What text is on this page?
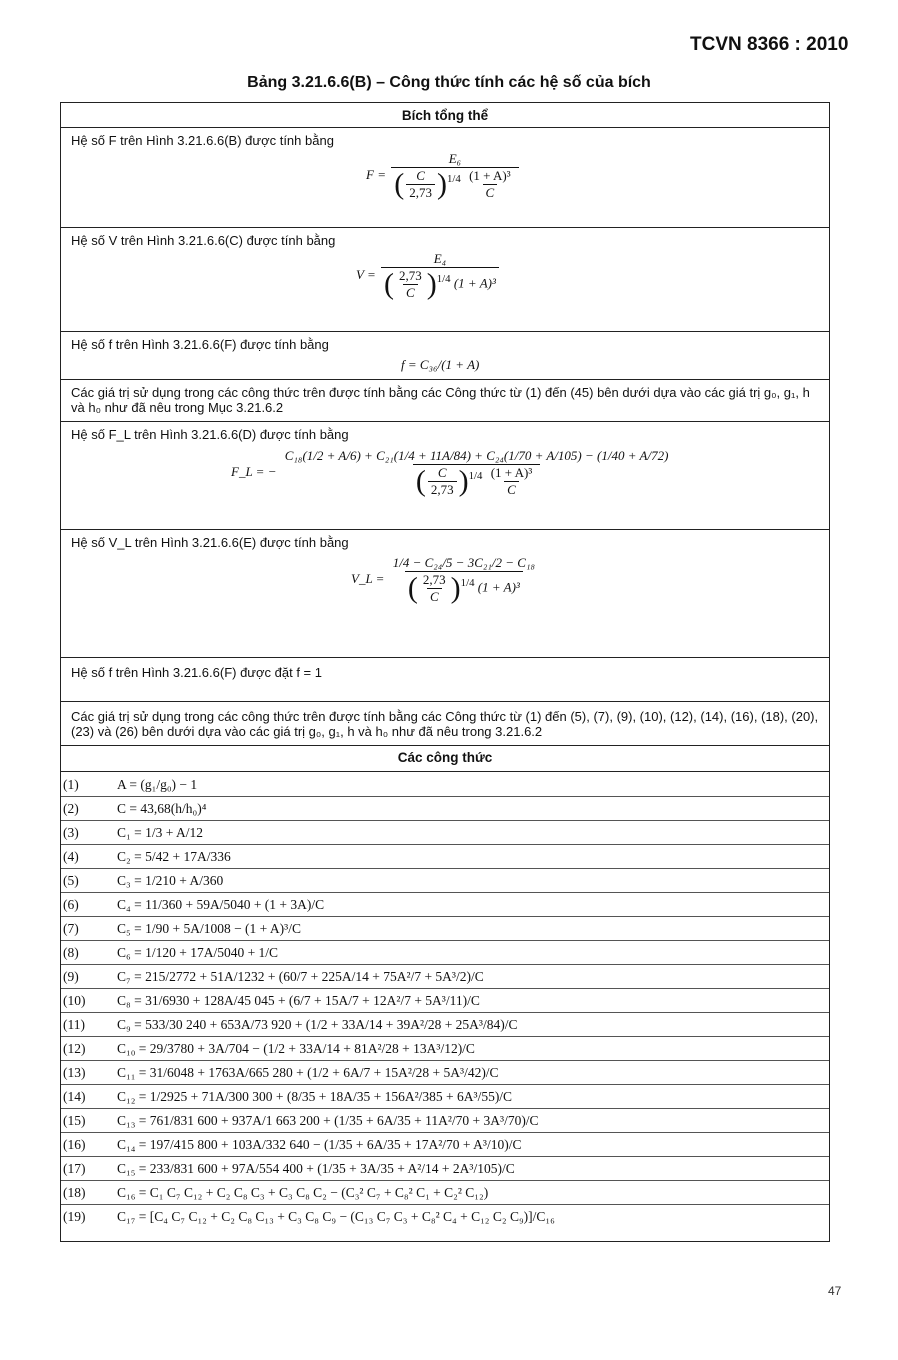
TCVN 8366 : 2010
Bảng 3.21.6.6(B) – Công thức tính các hệ số của bích
Bích tổng thể
Hệ số F trên Hình 3.21.6.6(B) được tính bằng
$F = \frac{\text{E₆}}{( \frac{C}{2,73} )^{1/4} \frac{\text{(1 + A)³}}{C}}$
Hệ số V trên Hình 3.21.6.6(C) được tính bằng
$V = \frac{\text{E₄}}{( \frac{2,73}{C} )^{1/4} (1 + A)^3}$
Hệ số f trên Hình 3.21.6.6(F) được tính bằng
f = C₃₆/(1 + A)
Các giá trị sử dụng trong các công thức trên được tính bằng các Công thức từ (1) đến (45) bên dưới dựa vào các giá trị g₀, g₁, h và h₀ như đã nêu trong Mục 3.21.6.2
Hệ số F_L trên Hình 3.21.6.6(D) được tính bằng
F_L = −
C₁₈(1/2 + A/6) + C₂₁(1/4 + 11A/84) + C₂₄(1/70 + A/105) − (1/40 + A/72)
( $\frac{C}{2,73} )^{1/4} \frac{\text{(1 + A)³}}{C}$
Hệ số V_L trên Hình 3.21.6.6(E) được tính bằng
V_L = $\frac{\text{1/4 − C₂₄/5 − 3C₂₁/2 − C₁₈}}{( \frac{2,73}{C} )^{1/4} (1 + A)^3}$
Hệ số f trên Hình 3.21.6.6(F) được đặt f = 1
Các giá trị sử dụng trong các công thức trên được tính bằng các Công thức từ (1) đến (5), (7), (9), (10), (12), (14), (16), (18), (20), (23) và (26) bên dưới dựa vào các giá trị g₀, g₁, h và h₀ như đã nêu trong 3.21.6.2
Các công thức
(1)	A = (g₁/g₀) − 1
(2)	C = 43,68(h/h₀)⁴
(3)	C₁ = 1/3 + A/12
(4)	C₂ = 5/42 + 17A/336
(5)	C₃ = 1/210 + A/360
(6)	C₄ = 11/360 + 59A/5040 + (1 + 3A)/C
(7)	C₅ = 1/90 + 5A/1008 − (1 + A)³/C
(8)	C₆ = 1/120 + 17A/5040 + 1/C
(9)	C₇ = 215/2772 + 51A/1232 + (60/7 + 225A/14 + 75A²/7 + 5A³/2)/C
(10) C₈ = 31/6930 + 128A/45 045 + (6/7 + 15A/7 + 12A²/7 + 5A³/11)/C
(11) C₉ = 533/30 240 + 653A/73 920 + (1/2 + 33A/14 + 39A²/28 + 25A³/84)/C
(12) C₁₀ = 29/3780 + 3A/704 − (1/2 + 33A/14 + 81A²/28 + 13A³/12)/C
(13) C₁₁ = 31/6048 + 1763A/665 280 + (1/2 + 6A/7 + 15A²/28 + 5A³/42)/C
(14) C₁₂ = 1/2925 + 71A/300 300 + (8/35 + 18A/35 + 156A²/385 + 6A³/55)/C
(15) C₁₃ = 761/831 600 + 937A/1 663 200 + (1/35 + 6A/35 + 11A²/70 + 3A³/70)/C
(16) C₁₄ = 197/415 800 + 103A/332 640 − (1/35 + 6A/35 + 17A²/70 + A³/10)/C
(17) C₁₅ = 233/831 600 + 97A/554 400 + (1/35 + 3A/35 + A²/14 + 2A³/105)/C
(18) C₁₆ = C₁ C₇ C₁₂ + C₂ C₈ C₃ + C₃ C₈ C₂ − (C₃² C₇ + C₈² C₁ + C₂² C₁₂)
(19) C₁₇ = [C₄ C₇ C₁₂ + C₂ C₈ C₁₃ + C₃ C₈ C₉ − (C₁₃ C₇ C₃ + C₈² C₄ + C₁₂ C₂ C₉)]/C₁₆
47
